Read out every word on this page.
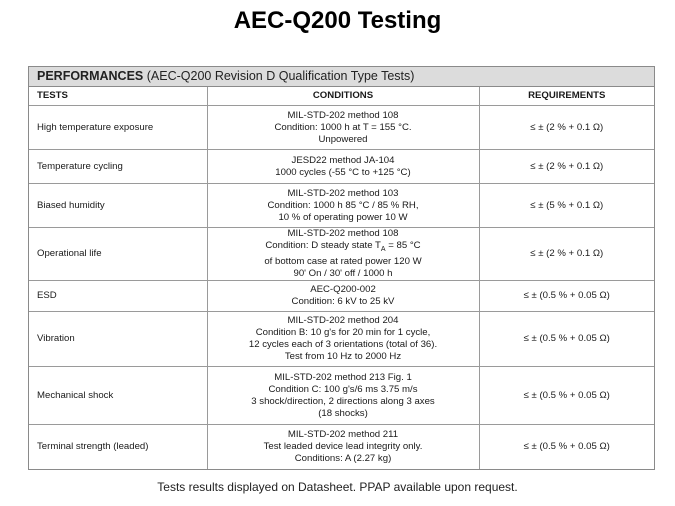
AEC-Q200 Testing
PERFORMANCES (AEC-Q200 Revision D Qualification Type Tests)
TESTS	CONDITIONS	REQUIREMENTS
High temperature exposure	MIL-STD-202 method 108
Condition: 1000 h at T = 155 °C.
Unpowered	≤ ± (2 % + 0.1 Ω)
Temperature cycling	JESD22 method JA-104
1000 cycles (-55 °C to +125 °C)	≤ ± (2 % + 0.1 Ω)
Biased humidity	MIL-STD-202 method 103
Condition: 1000 h 85 °C / 85 % RH,
10 % of operating power 10 W	≤ ± (5 % + 0.1 Ω)
Operational life	MIL-STD-202 method 108
Condition: D steady state $T_A = 85$ °C
of bottom case at rated power 120 W
90' On / 30' off / 1000 h	≤ ± (2 % + 0.1 Ω)
ESD	AEC-Q200-002
Condition: 6 kV to 25 kV	≤ ± (0.5 % + 0.05 Ω)
Vibration	MIL-STD-202 method 204
Condition B: 10 g's for 20 min for 1 cycle,
12 cycles each of 3 orientations (total of 36).
Test from 10 Hz to 2000 Hz	≤ ± (0.5 % + 0.05 Ω)
Mechanical shock	MIL-STD-202 method 213 Fig. 1
Condition C: 100 g's/6 ms 3.75 m/s
3 shock/direction, 2 directions along 3 axes
(18 shocks)	≤ ± (0.5 % + 0.05 Ω)
Terminal strength (leaded)	MIL-STD-202 method 211
Test leaded device lead integrity only.
Conditions: A (2.27 kg)	≤ ± (0.5 % + 0.05 Ω)
Tests results displayed on Datasheet. PPAP available upon request.
